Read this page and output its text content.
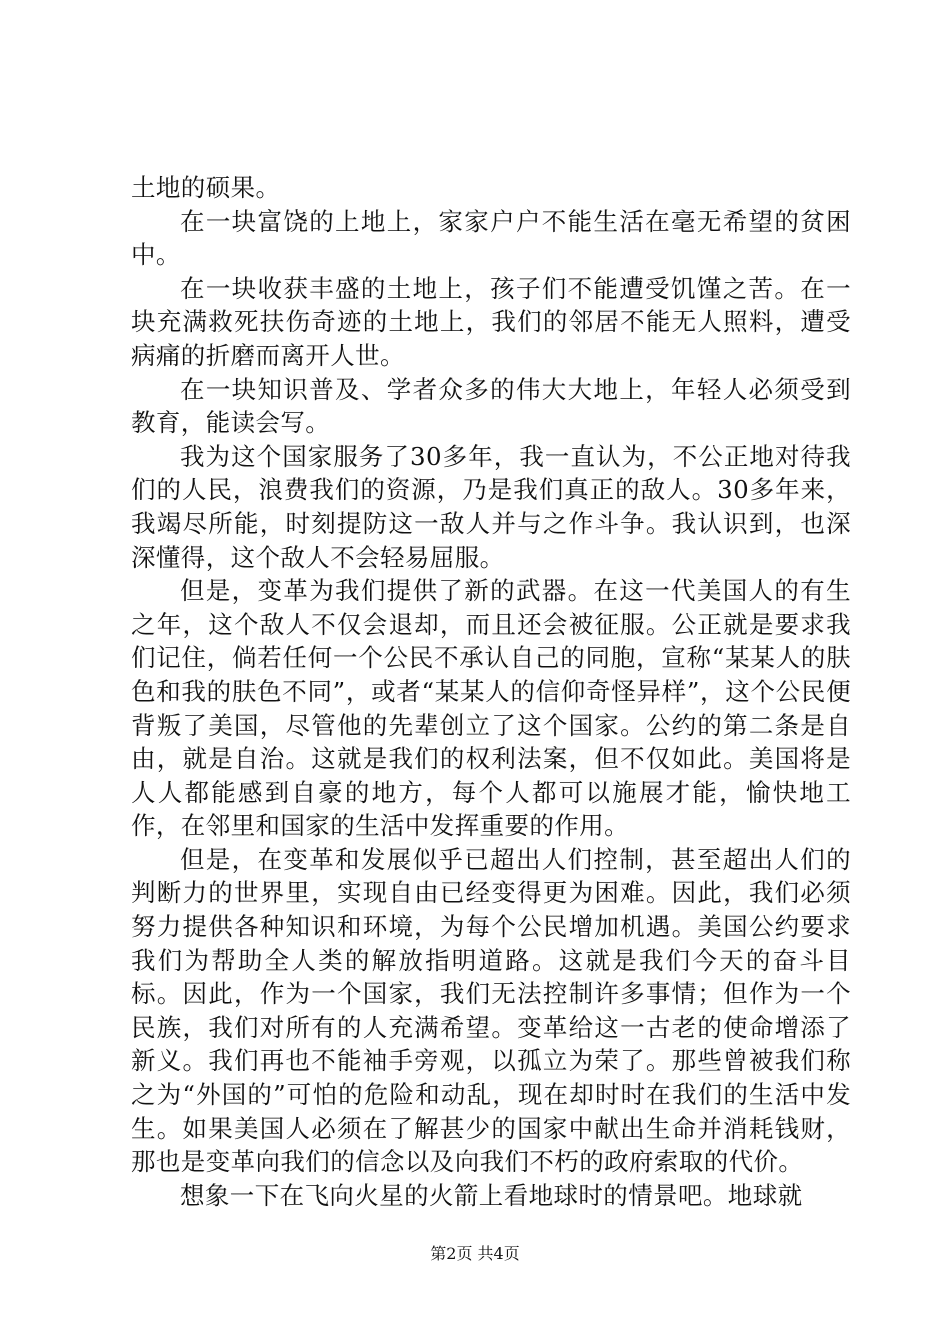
土地的硕果。

在一块富饶的上地上，家家户户不能生活在毫无希望的贫困中。

在一块收获丰盛的土地上，孩子们不能遭受饥馑之苦。在一块充满救死扶伤奇迹的土地上，我们的邻居不能无人照料，遭受病痛的折磨而离开人世。

在一块知识普及、学者众多的伟大大地上，年轻人必须受到教育，能读会写。

我为这个国家服务了30多年，我一直认为，不公正地对待我们的人民，浪费我们的资源，乃是我们真正的敌人。30多年来，我竭尽所能，时刻提防这一敌人并与之作斗争。我认识到，也深深懂得，这个敌人不会轻易屈服。

但是，变革为我们提供了新的武器。在这一代美国人的有生之年，这个敌人不仅会退却，而且还会被征服。公正就是要求我们记住，倘若任何一个公民不承认自己的同胞，宣称“某某人的肤色和我的肤色不同”，或者“某某人的信仰奇怪异样”，这个公民便背叛了美国，尽管他的先辈创立了这个国家。公约的第二条是自由，就是自治。这就是我们的权利法案，但不仅如此。美国将是人人都能感到自豪的地方，每个人都可以施展才能，愉快地工作，在邻里和国家的生活中发挥重要的作用。

但是，在变革和发展似乎已超出人们控制，甚至超出人们的判断力的世界里，实现自由已经变得更为困难。因此，我们必须努力提供各种知识和环境，为每个公民增加机遇。美国公约要求我们为帮助全人类的解放指明道路。这就是我们今天的奋斗目标。因此，作为一个国家，我们无法控制许多事情；但作为一个民族，我们对所有的人充满希望。变革给这一古老的使命增添了新义。我们再也不能袖手旁观，以孤立为荣了。那些曾被我们称之为“外国的”可怕的危险和动乱，现在却时时在我们的生活中发生。如果美国人必须在了解甚少的国家中献出生命并消耗钱财，那也是变革向我们的信念以及向我们不朽的政府索取的代价。

想象一下在飞向火星的火箭上看地球时的情景吧。地球就

第2页 共4页
